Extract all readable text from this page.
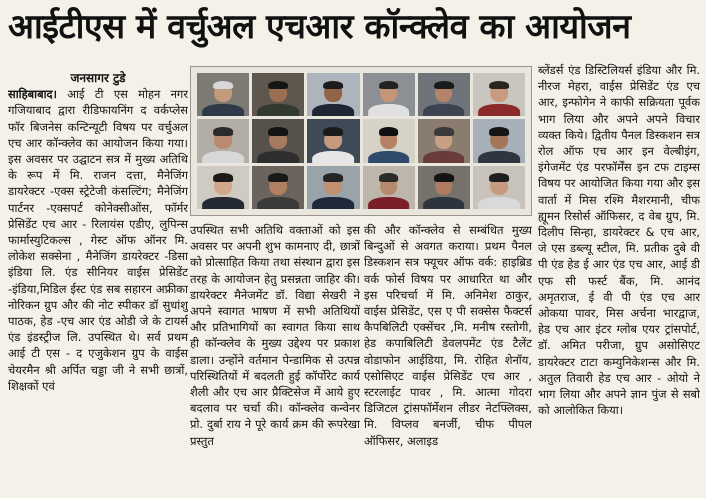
आईटीएस में वर्चुअल एचआर कॉन्क्लेव का आयोजन
जनसागर टुडे

साहिबाबाद। आई टी एस मोहन नगर गजियाबाद द्वारा रीडिफायनिंग द वर्कप्लेस फॉर बिजनेस कन्टिन्यूटी विषय पर वर्चुअल एच आर कॉन्क्लेव का आयोजन किया गया। इस अवसर पर उद्घाटन सत्र में मुख्य अतिथि के रूप में मि. राजन दत्ता, मैनेजिंग डायरेक्टर -एक्स स्ट्रेटेजी कंसल्टिंग; मैनेजिंग पार्टनर -एक्सपर्ट कोनेक्सीओंस, फॉर्मर प्रेसिडेंट एच आर - रिलायंस एडीए, लुपिन्स फार्मास्युटिकल्स , गेस्ट ऑफ ऑनर मि. लोकेश सक्सेना , मैनेजिंग डायरेक्टर -डिसा इंडिया लि. एंड सीनियर वाईस प्रेसिडेंट -इंडिया,मिडिल ईस्ट एंड सब सहारन अफ्रीका नोरिकन ग्रुप और की नोट स्पीकर डॉ सुधांशु पाठक, हेड -एच आर एंड ओडी जे के टायर्स एंड इंडस्ट्रीज लि. उपस्थित थे। सर्व प्रथम आई टी एस - द एजुकेशन ग्रुप के वाईस चेयरमैन श्री अर्पित चड्डा जी ने सभी छात्रों, शिक्षकों एवं

उपस्थित सभी अतिथि वक्ताओं को इस अवसर पर अपनी शुभ कामनाए दी, छात्रों को प्रोत्साहित किया तथा संस्थान द्वारा इस तरह के आयोजन हेतु प्रसन्नता जाहिर की। डायरेक्टर मैनेजमेंट डॉ. विद्या सेखरी ने अपने स्वागत भाषण में सभी अतिथियों और प्रतिभागियों का स्वागत किया साथ ही कॉन्क्लेव के मुख्य उद्देश्य पर प्रकाश डाला। उन्होंने वर्तमान पेन्डामिक से उत्पन्न परिस्थितियों में बदलती हुई कॉर्पोरेट कार्य शैली और एच आर प्रैक्टिसेज में आये हुए बदलाव पर चर्चा की। कॉन्क्लेव कन्वेनर प्रो. दुर्बा राय ने पूरे कार्य क्रम की रूपरेखा प्रस्तुत

की और कॉन्क्लेव से सम्बंधित मुख्य बिन्दुओं से अवगत कराया। प्रथम पैनल डिस्कशन सत्र फ्यूचर ऑफ वर्क: हाइब्रिड वर्क फोर्स विषय पर आधारित था और इस परिचर्चा में मि. अनिमेश ठाकुर, वाईस प्रेसिडेंट, एस ए पी सक्सेस फैक्टर्स कैपबिलिटी एक्सेंचर ,मि. मनीष रस्तोगी, हेड कपाबिलिटी डेवलपमेंट एंड टैलेंट वोडाफोन आईडिया, मि. रोहित शेनॉय, एसोसिएट वाईस प्रेसिडेंट एच आर , स्टरलाईट पावर , मि. आत्मा गोदरा डिजिटल ट्रांसफॉर्मेशन लीडर नेटफ्लिक्स, मि. विप्लव बनर्जी, चीफ पीपल ऑफिसर, अलाइड

ब्लेंडर्स एंड डिस्टिलियर्स इंडिया और मि. नीरज मेहरा, वाईस प्रेसिडेंट एंड एच आर, इन्फोगेन ने काफी सक्रियता पूर्वक भाग लिया और अपने अपने विचार व्यक्त किये। द्वितीय पैनल डिस्कशन सत्र रोल ऑफ एच आर इन वेल्बीइंग, इंगेजमेंट एंड परफॉर्मेंस इन टफ टाइम्स विषय पर आयोजित किया गया और इस वार्ता में मिस रश्मि मैशरमानी, चीफ ह्यूमन रिसोर्स ऑफिसर, द वेब ग्रुप, मि. दिलीप सिन्हा, डायरेक्टर & एच आर, जे एस डब्ल्यू स्टील, मि. प्रतीक दुबे वी पी एंड हेड ई आर एंड एच आर, आई डी एफ सी फर्स्ट बैंक, मि. आनंद अमृतराज, ई वी पी एंड एच आर ओकया पावर, मिस अर्चना भारद्वाज, हेड एच आर इंटर ग्लोब एयर ट्रांसपोर्ट, डॉ. अमित परीजा, ग्रुप असोसिएट डायरेक्टर टाटा कम्युनिकेशन्स और मि. अतुल तिवारी हेड एच आर - ओयो ने भाग लिया और अपने ज्ञान पुंज से सबो को आलोकित किया।
